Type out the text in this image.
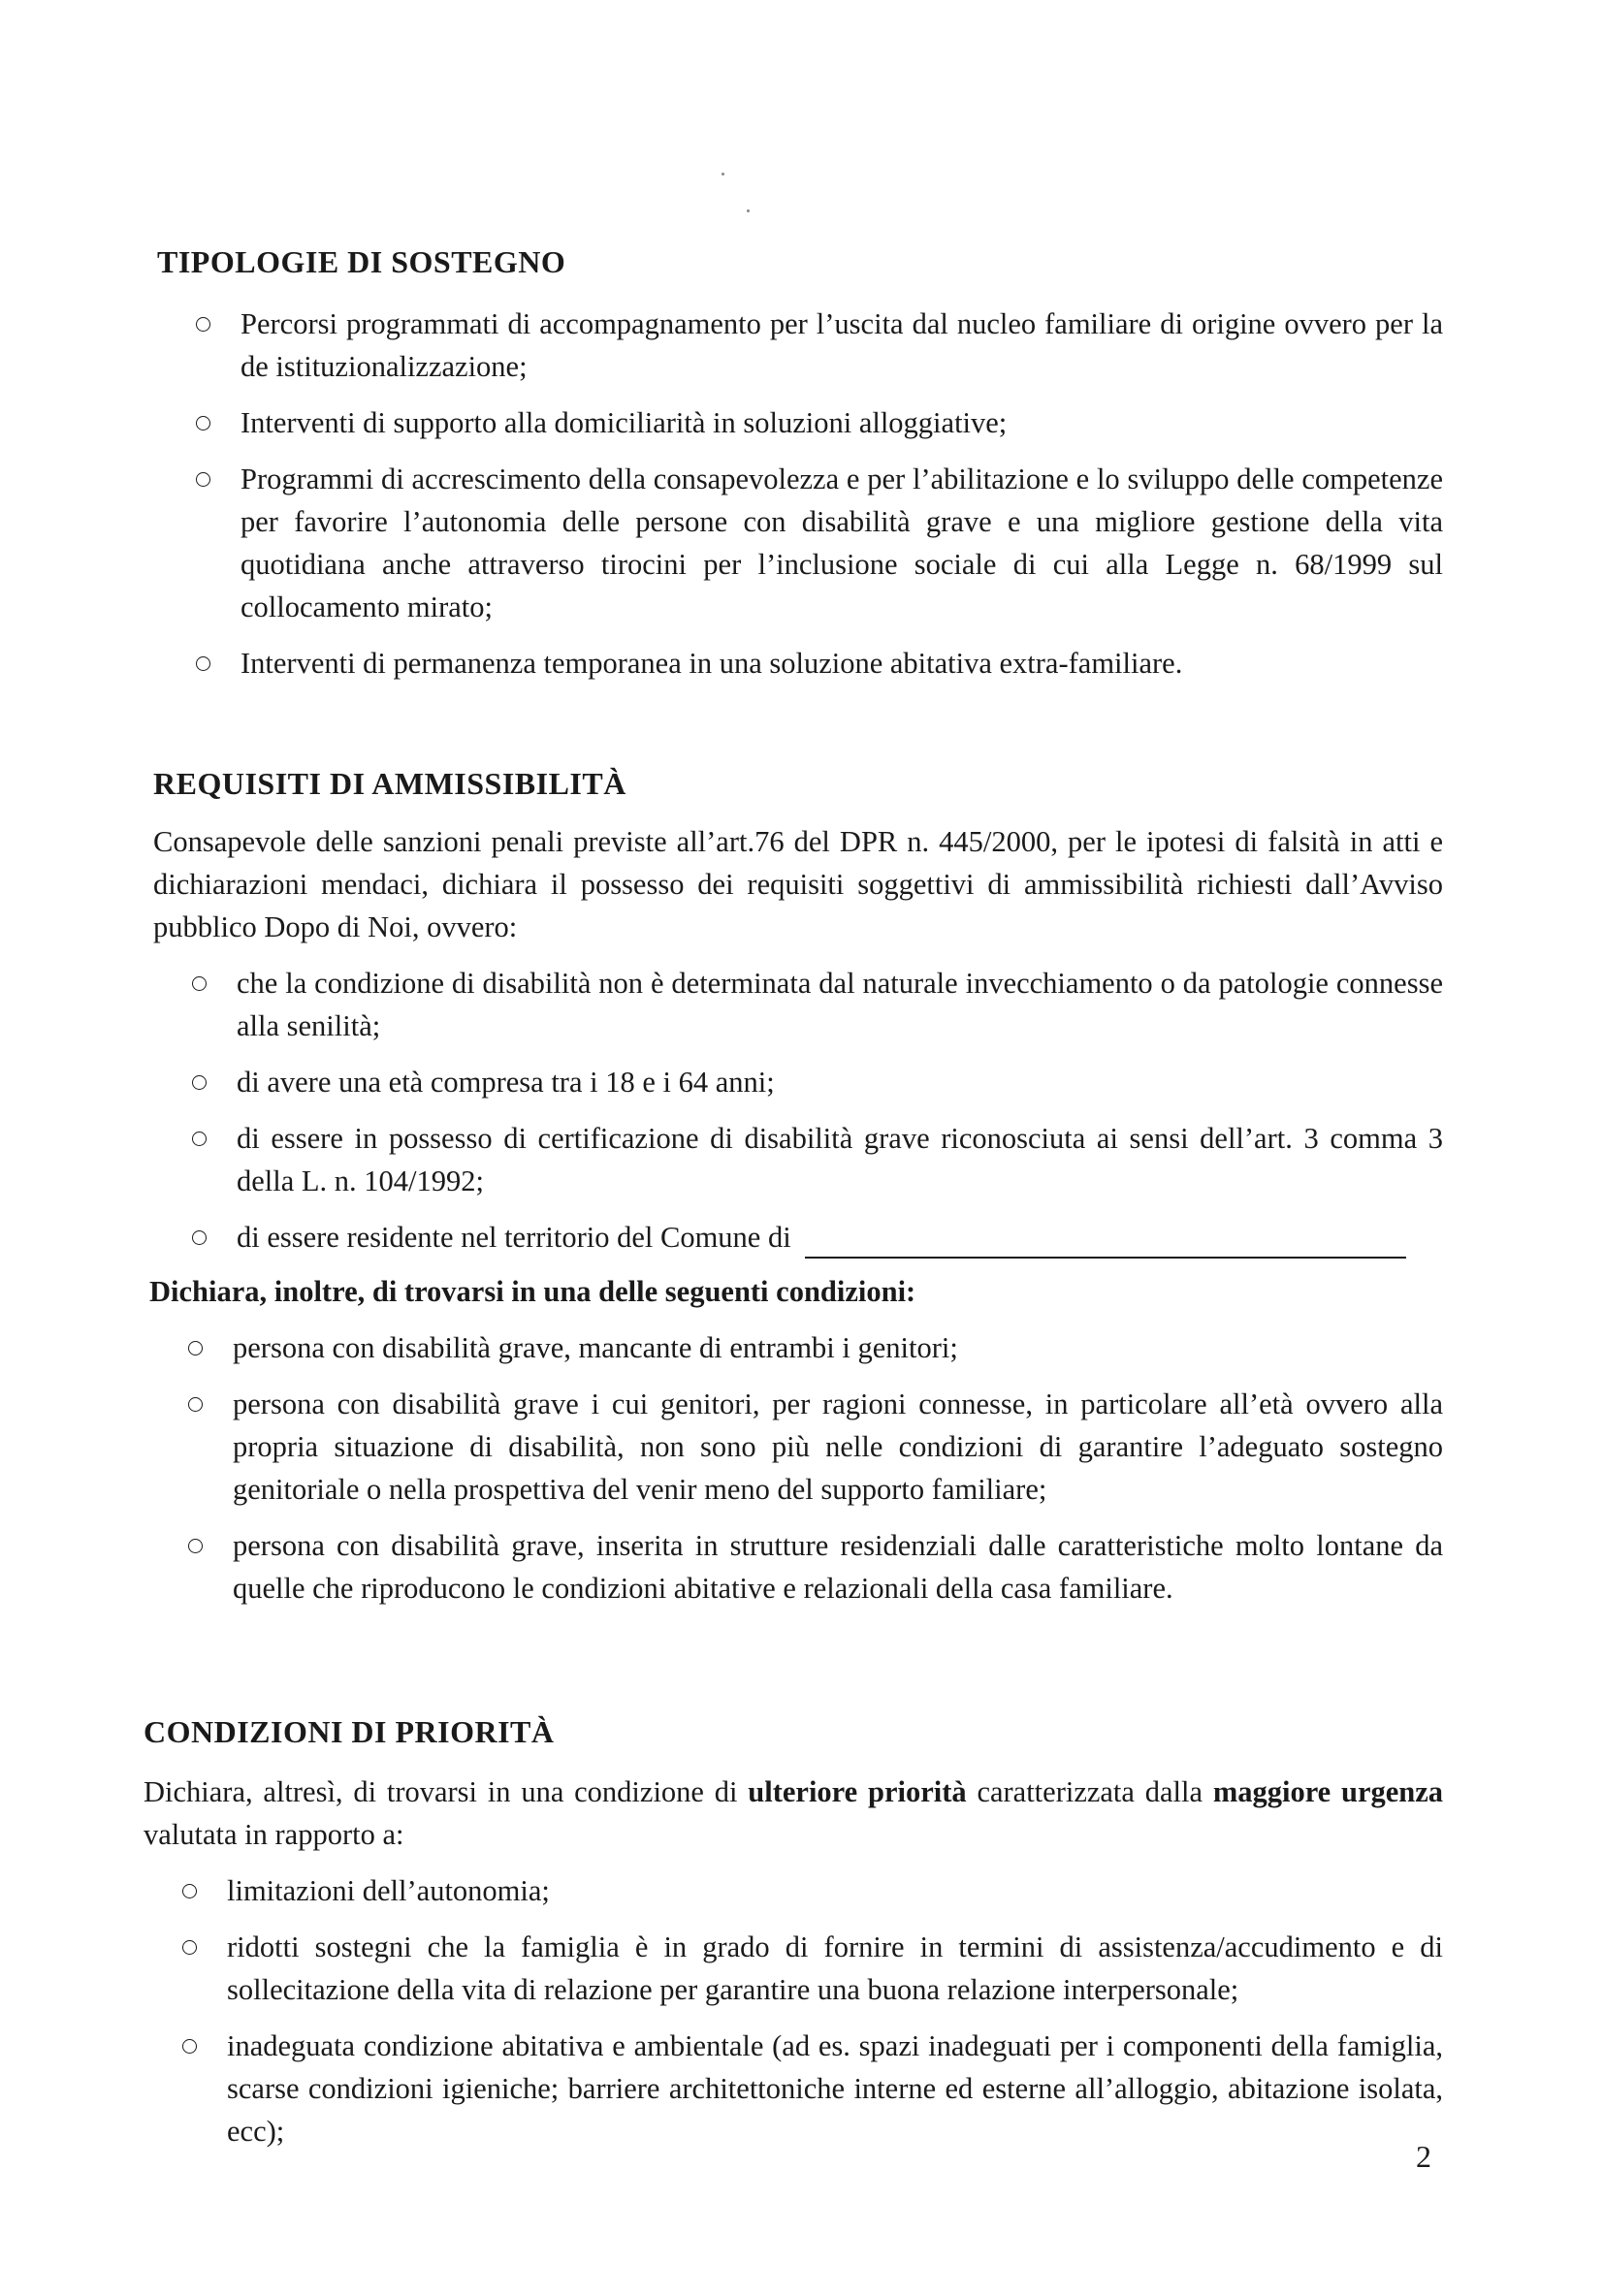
TIPOLOGIE DI SOSTEGNO
Percorsi programmati di accompagnamento per l’uscita dal nucleo familiare di origine ovvero per la de istituzionalizzazione;
Interventi di supporto alla domiciliarità in soluzioni alloggiative;
Programmi di accrescimento della consapevolezza e per l’abilitazione e lo sviluppo delle competenze per favorire l’autonomia delle persone con disabilità grave e una migliore gestione della vita quotidiana anche attraverso tirocini per l’inclusione sociale di cui alla Legge n. 68/1999 sul collocamento mirato;
Interventi di permanenza temporanea in una soluzione abitativa extra-familiare.
REQUISITI DI AMMISSIBILITÀ

Consapevole delle sanzioni penali previste all’art.76 del DPR n. 445/2000, per le ipotesi di falsità in atti e dichiarazioni mendaci, dichiara il possesso dei requisiti soggettivi di ammissibilità richiesti dall’Avviso pubblico Dopo di Noi, ovvero:

che la condizione di disabilità non è determinata dal naturale invecchiamento o da patologie connesse alla senilità;
di avere una età compresa tra i 18 e i 64 anni;
di essere in possesso di certificazione di disabilità grave riconosciuta ai sensi dell’art. 3 comma 3 della L. n. 104/1992;
di essere residente nel territorio del Comune di

Dichiara, inoltre, di trovarsi in una delle seguenti condizioni:

persona con disabilità grave, mancante di entrambi i genitori;
persona con disabilità grave i cui genitori, per ragioni connesse, in particolare all’età ovvero alla propria situazione di disabilità, non sono più nelle condizioni di garantire l’adeguato sostegno genitoriale o nella prospettiva del venir meno del supporto familiare;
persona con disabilità grave, inserita in strutture residenziali dalle caratteristiche molto lontane da quelle che riproducono le condizioni abitative e relazionali della casa familiare.
CONDIZIONI DI PRIORITÀ

Dichiara, altresì, di trovarsi in una condizione di ulteriore priorità caratterizzata dalla maggiore urgenza valutata in rapporto a:

limitazioni dell’autonomia;
ridotti sostegni che la famiglia è in grado di fornire in termini di assistenza/accudimento e di sollecitazione della vita di relazione per garantire una buona relazione interpersonale;
inadeguata condizione abitativa e ambientale (ad es. spazi inadeguati per i componenti della famiglia, scarse condizioni igieniche; barriere architettoniche interne ed esterne all’alloggio, abitazione isolata, ecc);
2
